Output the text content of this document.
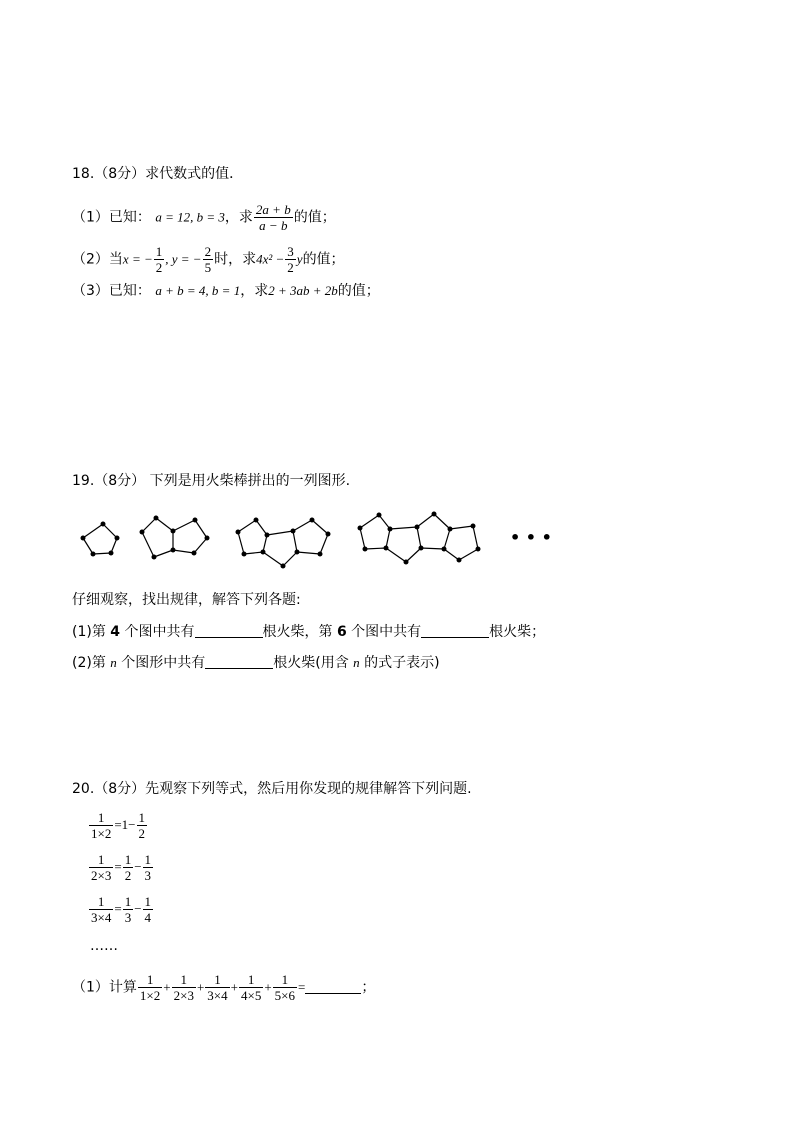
18.（8分）求代数式的值．
（1）已知： a = 12, b = 3，求 $\frac{2a + b}{a - b}$ 的值；
（2）当x = − $\frac{1}{2}$ , y = − $\frac{2}{5}$ 时，求$4x^2 - \frac{3}{2}$ y的值；
（3）已知： a + b = 4, b = 1，求2 + 3ab + 2b的值；
19.（8分） 下列是用火柴棒拼出的一列图形.
• • •
仔细观察，找出规律，解答下列各题:
(1)第 4 个图中共有	根火柴，第 6 个图中共有	根火柴；
(2)第 n 个图形中共有	根火柴(用含 n 的式子表示)
20.（8分）先观察下列等式，然后用你发现的规律解答下列问题.
$\frac{1}{1\times 2} =1- \frac{1}{2}$
$\frac{1}{2\times 3} = \frac{1}{2} - \frac{1}{3}$
$\frac{1}{3\times 4} = \frac{1}{3} - \frac{1}{4}$
……
（1）计算 $\frac{1}{1\times 2} + \frac{1}{2\times 3} + \frac{1}{3\times 4} + \frac{1}{4\times 5} + \frac{1}{5\times 6}$ =	；
